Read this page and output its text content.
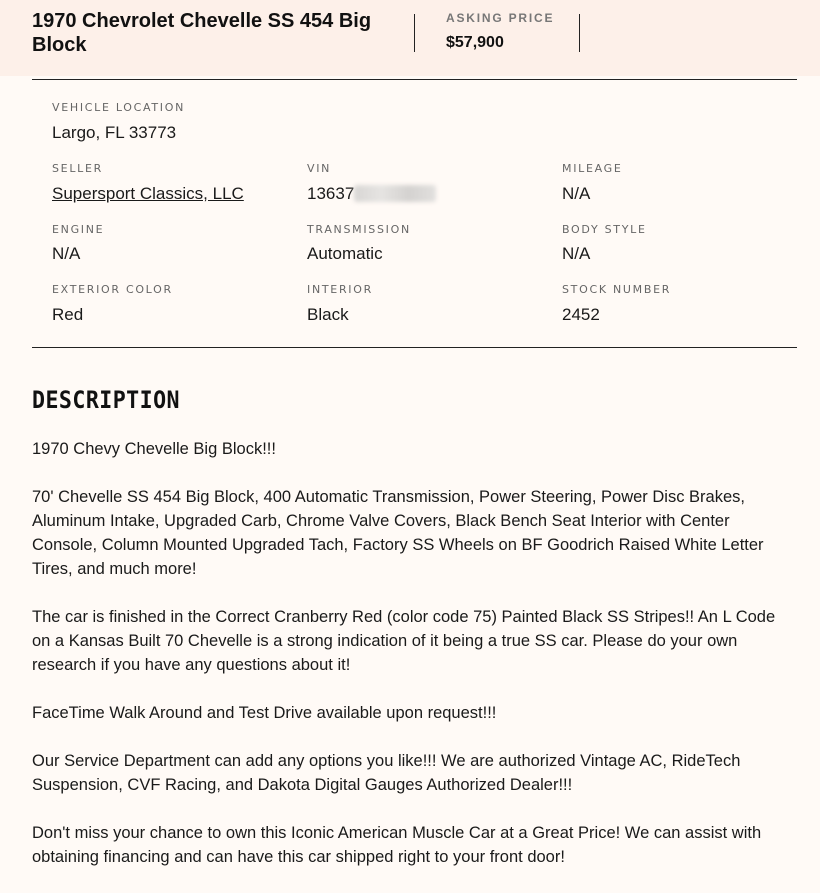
1970 Chevrolet Chevelle SS 454 Big Block
ASKING PRICE
$57,900
VEHICLE LOCATION
Largo, FL 33773
SELLER
Supersport Classics, LLC
VIN
13637
MILEAGE
N/A
ENGINE
N/A
TRANSMISSION
Automatic
BODY STYLE
N/A
EXTERIOR COLOR
Red
INTERIOR
Black
STOCK NUMBER
2452
DESCRIPTION

1970 Chevy Chevelle Big Block!!!

70' Chevelle SS 454 Big Block, 400 Automatic Transmission, Power Steering, Power Disc Brakes, Aluminum Intake, Upgraded Carb, Chrome Valve Covers, Black Bench Seat Interior with Center Console, Column Mounted Upgraded Tach, Factory SS Wheels on BF Goodrich Raised White Letter Tires, and much more!

The car is finished in the Correct Cranberry Red (color code 75) Painted Black SS Stripes!! An L Code on a Kansas Built 70 Chevelle is a strong indication of it being a true SS car. Please do your own research if you have any questions about it!

FaceTime Walk Around and Test Drive available upon request!!!

Our Service Department can add any options you like!!! We are authorized Vintage AC, RideTech Suspension, CVF Racing, and Dakota Digital Gauges Authorized Dealer!!!

Don't miss your chance to own this Iconic American Muscle Car at a Great Price! We can assist with obtaining financing and can have this car shipped right to your front door!
